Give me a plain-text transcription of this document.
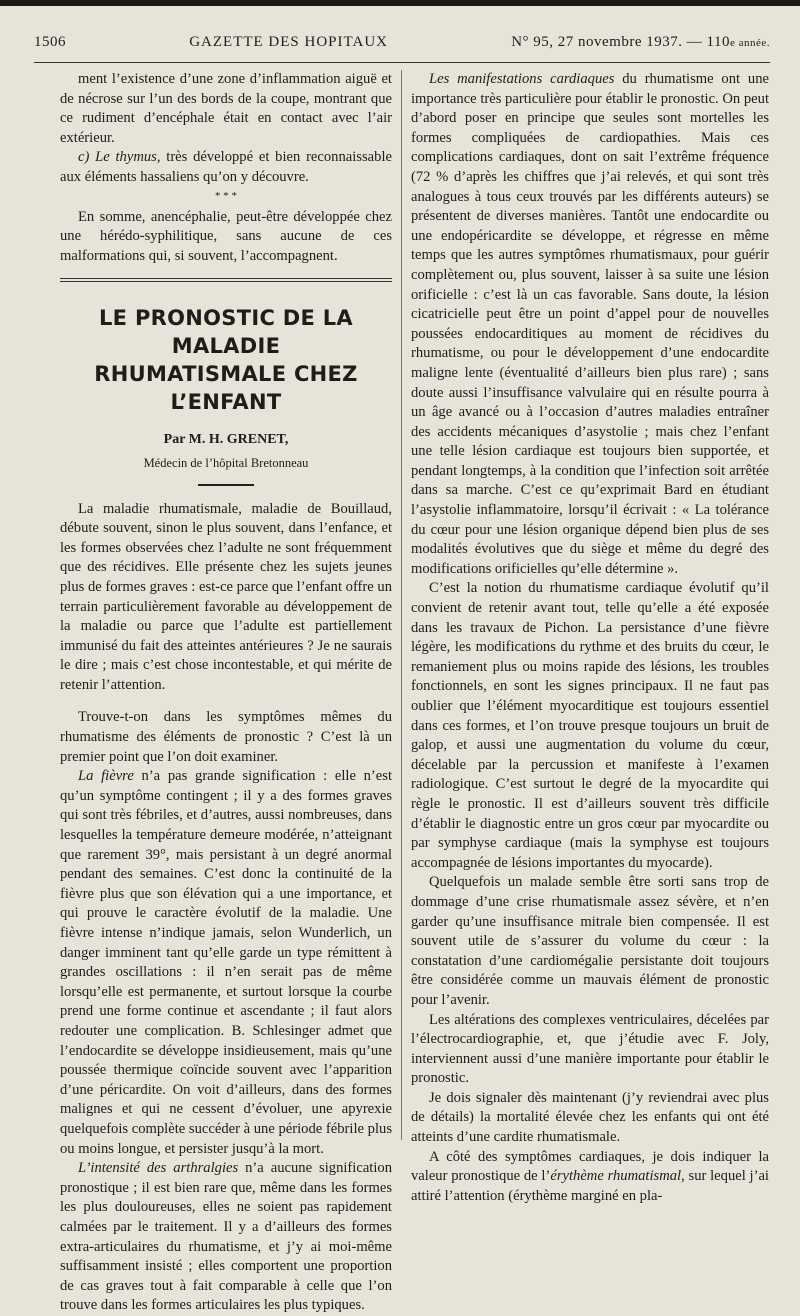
1506	GAZETTE DES HOPITAUX	N° 95, 27 novembre 1937. — 110e année.

ment l’existence d’une zone d’inflammation aiguë et de nécrose sur l’un des bords de la coupe, montrant que ce rudiment d’encéphale était en contact avec l’air extérieur.

c) Le thymus, très développé et bien reconnaissable aux éléments hassaliens qu’on y découvre.

* * *

En somme, anencéphalie, peut-être développée chez une hérédo-syphilitique, sans aucune de ces malformations qui, si souvent, l’accompagnent.

LE PRONOSTIC DE LA MALADIE
RHUMATISMALE CHEZ L’ENFANT
Par M. H. GRENET,
Médecin de l’hôpital Bretonneau

La maladie rhumatismale, maladie de Bouillaud, débute souvent, sinon le plus souvent, dans l’enfance, et les formes observées chez l’adulte ne sont fréquemment que des récidives. Elle présente chez les sujets jeunes plus de formes graves : est-ce parce que l’enfant offre un terrain particulièrement favorable au développement de la maladie ou parce que l’adulte est partiellement immunisé du fait des atteintes antérieures ? Je ne saurais le dire ; mais c’est chose incontestable, et qui mérite de retenir l’attention.

Trouve-t-on dans les symptômes mêmes du rhumatisme des éléments de pronostic ? C’est là un premier point que l’on doit examiner.

La fièvre n’a pas grande signification : elle n’est qu’un symptôme contingent ; il y a des formes graves qui sont très fébriles, et d’autres, aussi nombreuses, dans lesquelles la température demeure modérée, n’atteignant que rarement 39°, mais persistant à un degré anormal pendant des semaines. C’est donc la continuité de la fièvre plus que son élévation qui a une importance, et qui prouve le caractère évolutif de la maladie. Une fièvre intense n’indique jamais, selon Wunderlich, un danger imminent tant qu’elle garde un type rémittent à grandes oscillations : il n’en serait pas de même lorsqu’elle est permanente, et surtout lorsque la courbe prend une forme continue et ascendante ; il faut alors redouter une complication. B. Schlesinger admet que l’endocardite se développe insidieusement, mais qu’une poussée thermique coïncide souvent avec l’apparition d’une péricardite. On voit d’ailleurs, dans des formes malignes et qui ne cessent d’évoluer, une apyrexie quelquefois complète succéder à une période fébrile plus ou moins longue, et persister jusqu’à la mort.

L’intensité des arthralgies n’a aucune signification pronostique ; il est bien rare que, même dans les formes les plus douloureuses, elles ne soient pas rapidement calmées par le traitement. Il y a d’ailleurs des formes extra-articulaires du rhumatisme, et j’y ai moi-même suffisamment insisté ; elles comportent une proportion de cas graves tout à fait comparable à celle que l’on trouve dans les formes articulaires les plus typiques.

Les manifestations cardiaques du rhumatisme ont une importance très particulière pour établir le pronostic. On peut d’abord poser en principe que seules sont mortelles les formes compliquées de cardiopathies. Mais ces complications cardiaques, dont on sait l’extrême fréquence (72 % d’après les chiffres que j’ai relevés, et qui sont très analogues à tous ceux trouvés par les différents auteurs) se présentent de diverses manières. Tantôt une endocardite ou une endopéricardite se développe, et régresse en même temps que les autres symptômes rhumatismaux, pour guérir complètement ou, plus souvent, laisser à sa suite une lésion orificielle : c’est là un cas favorable. Sans doute, la lésion cicatricielle peut être un point d’appel pour de nouvelles poussées endocarditiques au moment de récidives du rhumatisme, ou pour le développement d’une endocardite maligne lente (éventualité d’ailleurs bien plus rare) ; sans doute aussi l’insuffisance valvulaire qui en résulte pourra à un âge avancé ou à l’occasion d’autres maladies entraîner des accidents mécaniques d’asystolie ; mais chez l’enfant une telle lésion cardiaque est toujours bien supportée, et pendant longtemps, à la condition que l’infection soit arrêtée dans sa marche. C’est ce qu’exprimait Bard en étudiant l’asystolie inflammatoire, lorsqu’il écrivait : « La tolérance du cœur pour une lésion organique dépend bien plus de ses modalités évolutives que du siège et même du degré des modifications orificielles qu’elle détermine ».

C’est la notion du rhumatisme cardiaque évolutif qu’il convient de retenir avant tout, telle qu’elle a été exposée dans les travaux de Pichon. La persistance d’une fièvre légère, les modifications du rythme et des bruits du cœur, le remaniement plus ou moins rapide des lésions, les troubles fonctionnels, en sont les signes principaux. Il ne faut pas oublier que l’élément myocarditique est toujours essentiel dans ces formes, et l’on trouve presque toujours un bruit de galop, et aussi une augmentation du volume du cœur, décelable par la percussion et manifeste à l’examen radiologique. C’est surtout le degré de la myocardite qui règle le pronostic. Il est d’ailleurs souvent très difficile d’établir le diagnostic entre un gros cœur par myocardite ou par symphyse cardiaque (mais la symphyse est toujours accompagnée de lésions importantes du myocarde).

Quelquefois un malade semble être sorti sans trop de dommage d’une crise rhumatismale assez sévère, et n’en garder qu’une insuffisance mitrale bien compensée. Il est souvent utile de s’assurer du volume du cœur : la constatation d’une cardiomégalie persistante doit toujours être considérée comme un mauvais élément de pronostic pour l’avenir.

Les altérations des complexes ventriculaires, décelées par l’électrocardiographie, et, que j’étudie avec F. Joly, interviennent aussi d’une manière importante pour établir le pronostic.

Je dois signaler dès maintenant (j’y reviendrai avec plus de détails) la mortalité élevée chez les enfants qui ont été atteints d’une cardite rhumatismale.

A côté des symptômes cardiaques, je dois indiquer la valeur pronostique de l’érythème rhumatismal, sur lequel j’ai attiré l’attention (érythème marginé en pla-
